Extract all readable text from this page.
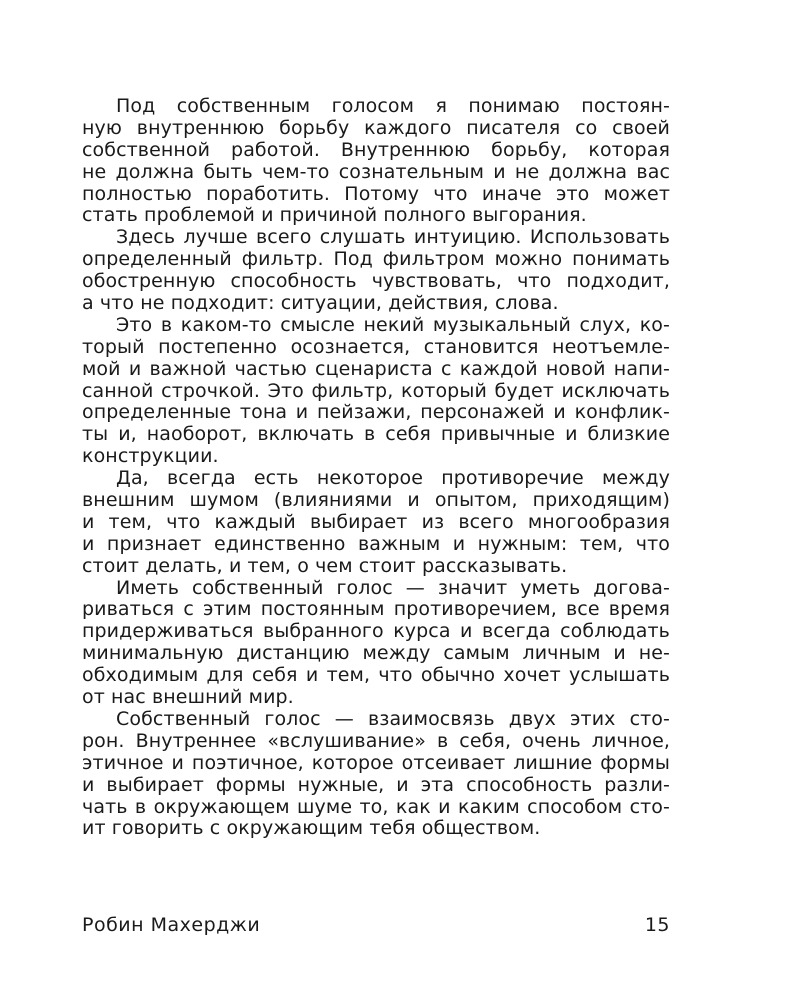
Под собственным голосом я понимаю постоян-
ную внутреннюю борьбу каждого писателя со своей
собственной работой. Внутреннюю борьбу, которая
не должна быть чем-то сознательным и не должна вас
полностью поработить. Потому что иначе это может
стать проблемой и причиной полного выгорания.
Здесь лучше всего слушать интуицию. Использовать
определенный фильтр. Под фильтром можно понимать
обостренную способность чувствовать, что подходит,
а что не подходит: ситуации, действия, слова.
Это в каком-то смысле некий музыкальный слух, ко-
торый постепенно осознается, становится неотъемле-
мой и важной частью сценариста с каждой новой напи-
санной строчкой. Это фильтр, который будет исключать
определенные тона и пейзажи, персонажей и конфлик-
ты и, наоборот, включать в себя привычные и близкие
конструкции.
Да, всегда есть некоторое противоречие между
внешним шумом (влияниями и опытом, приходящим)
и тем, что каждый выбирает из всего многообразия
и признает единственно важным и нужным: тем, что
стоит делать, и тем, о чем стоит рассказывать.
Иметь собственный голос — значит уметь догова-
риваться с этим постоянным противоречием, все время
придерживаться выбранного курса и всегда соблюдать
минимальную дистанцию между самым личным и не-
обходимым для себя и тем, что обычно хочет услышать
от нас внешний мир.
Собственный голос — взаимосвязь двух этих сто-
рон. Внутреннее «вслушивание» в себя, очень личное,
этичное и поэтичное, которое отсеивает лишние формы
и выбирает формы нужные, и эта способность разли-
чать в окружающем шуме то, как и каким способом сто-
ит говорить с окружающим тебя обществом.
Робин Махерджи	15
